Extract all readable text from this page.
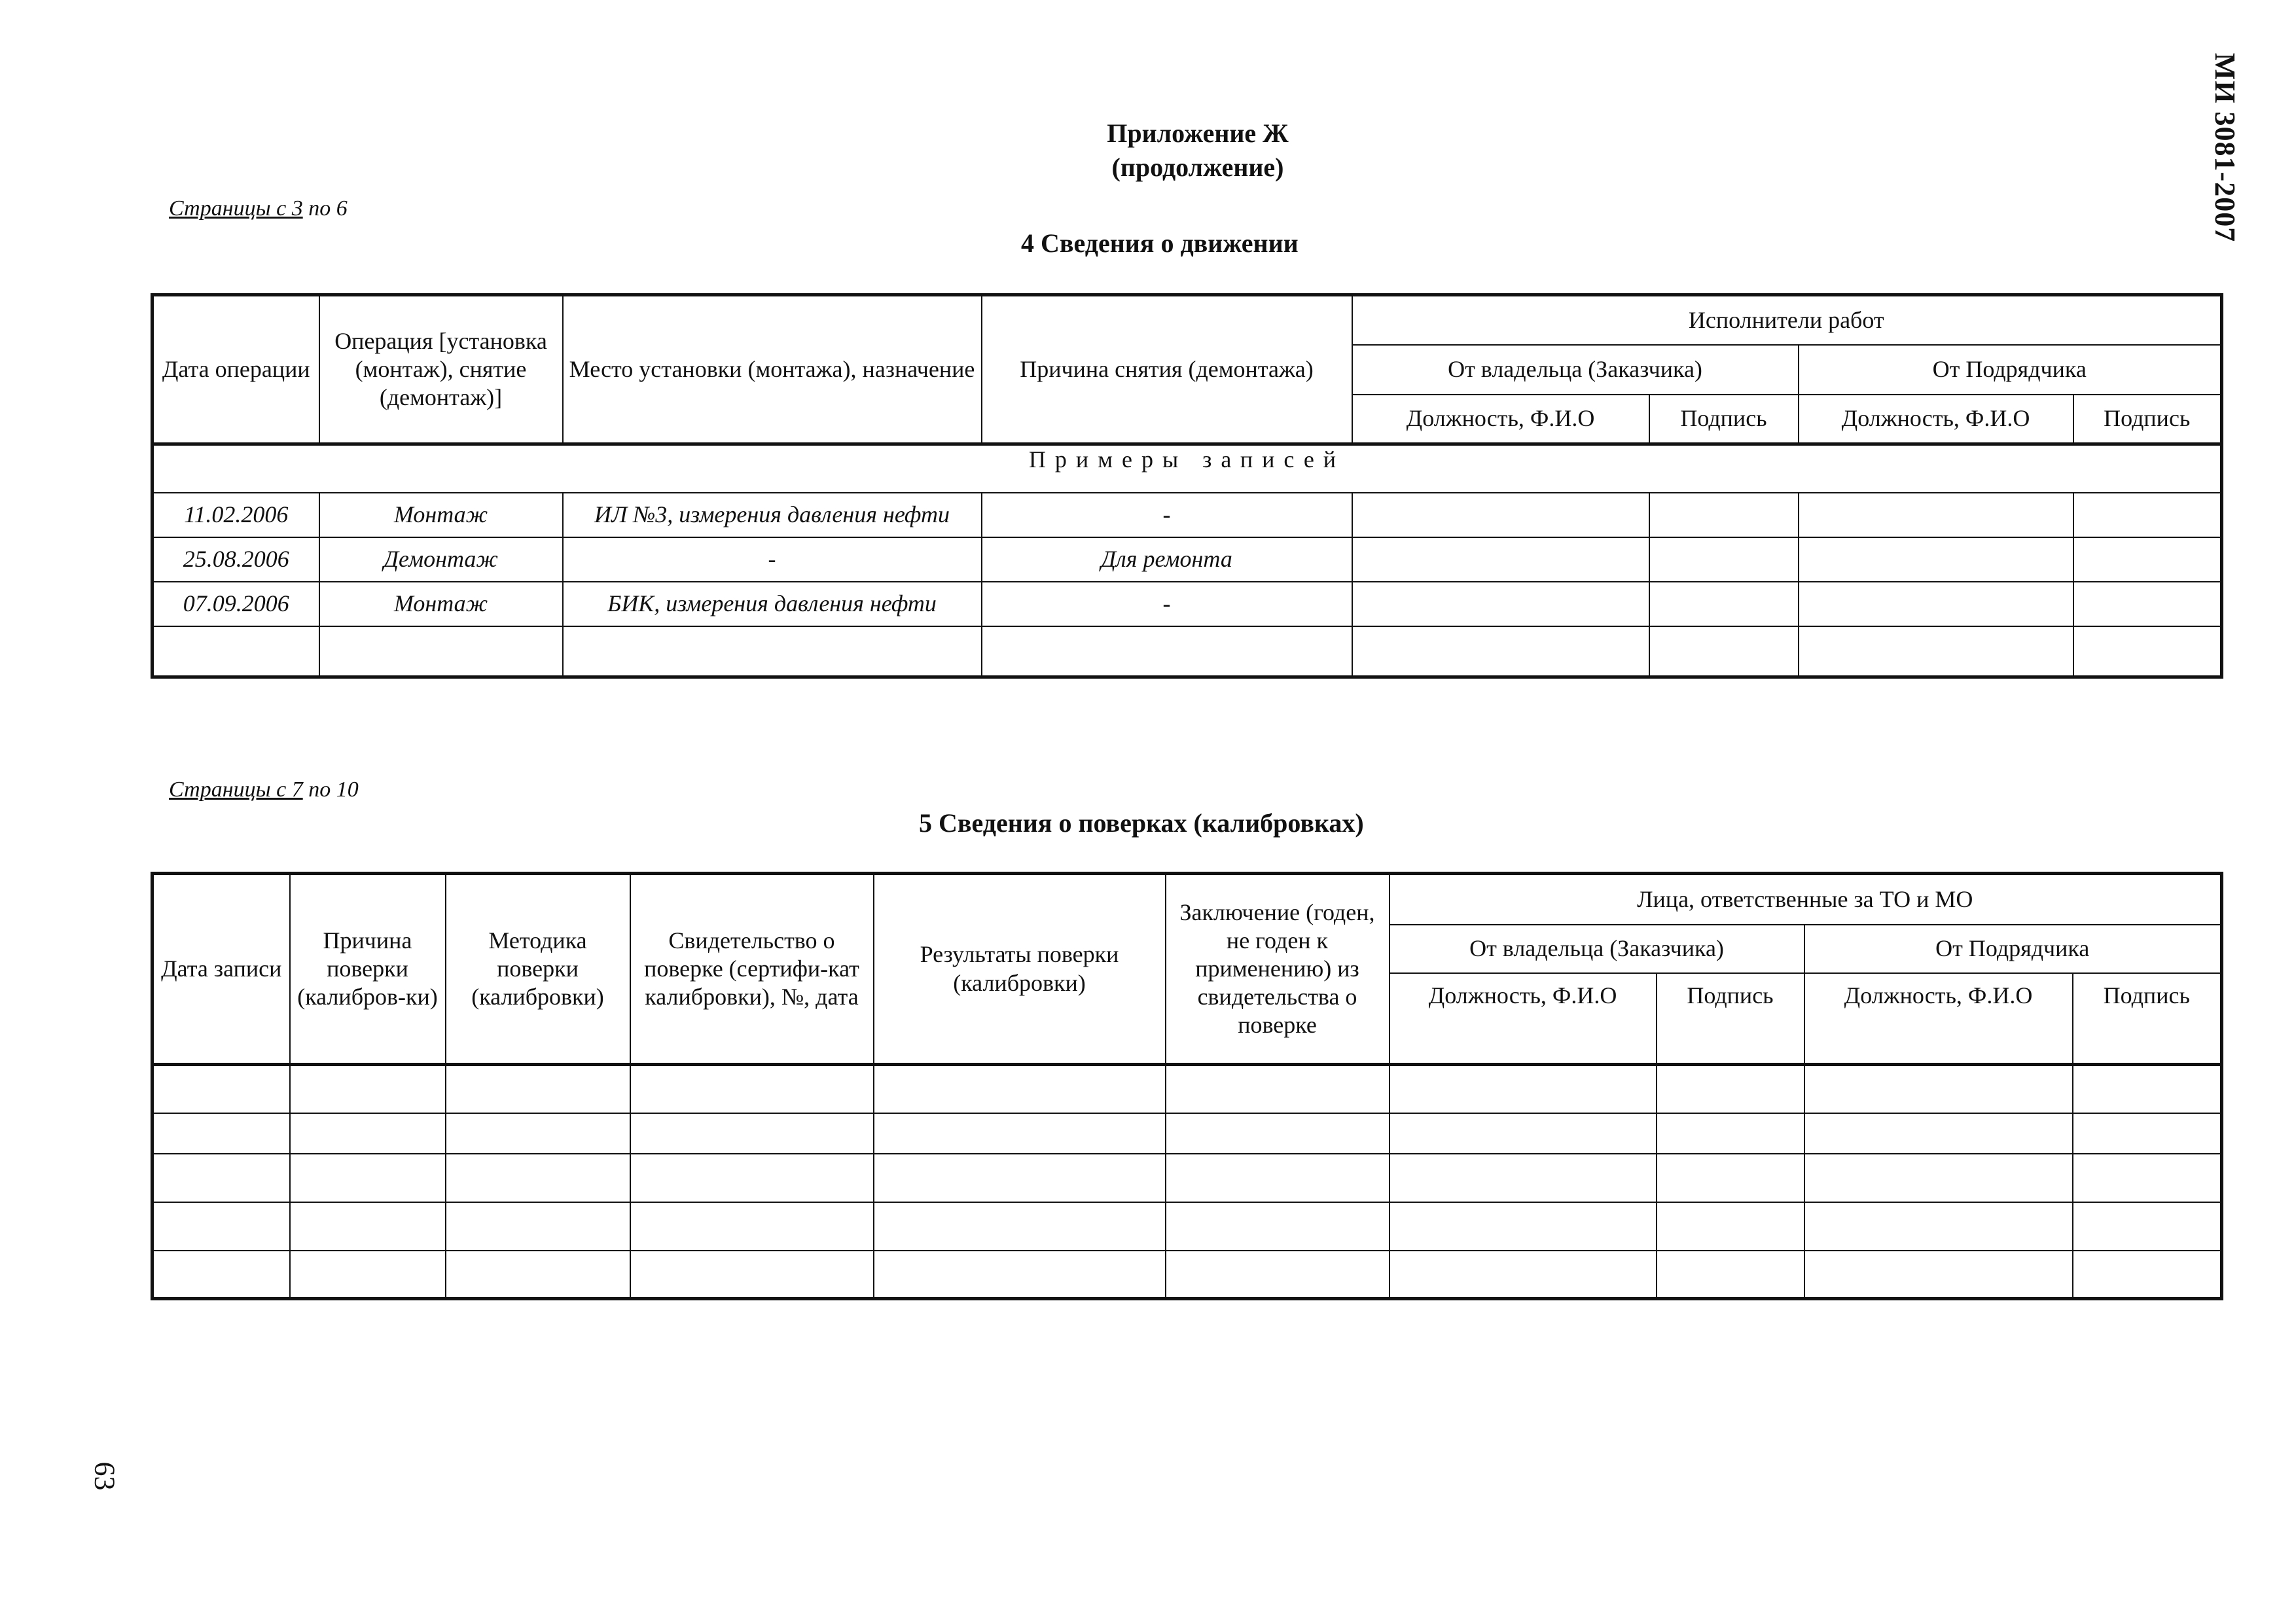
МИ 3081-2007
Приложение Ж
(продолжение)
Страницы с 3 по 6
4 Сведения о движении
Дата операции	Операция [установка (монтаж), снятие (демонтаж)]	Место установки (монтажа), назначение	Причина снятия (демонтажа)	Исполнители работ			
				От владельца (Заказчика)		От Подрядчика	
				Должность, Ф.И.О	Подпись	Должность, Ф.И.О	Подпись
Примеры записей							
11.02.2006	Монтаж	ИЛ №3, измерения давления нефти	-				
25.08.2006	Демонтаж	-	Для ремонта				
07.09.2006	Монтаж	БИК, измерения давления нефти	-				

Страницы с 7 по 10
5 Сведения о поверках (калибровках)
Дата записи	Причина поверки (калибров-ки)	Методика поверки (калибровки)	Свидетельство о поверке (сертифи-кат калибровки), №, дата	Результаты поверки (калибровки)	Заключение (годен, не годен к применению) из свидетельства о поверке	Лица, ответственные за ТО и МО			
						От владельца (Заказчика)		От Подрядчика	
						Должность, Ф.И.О	Подпись	Должность, Ф.И.О	Подпись

63
